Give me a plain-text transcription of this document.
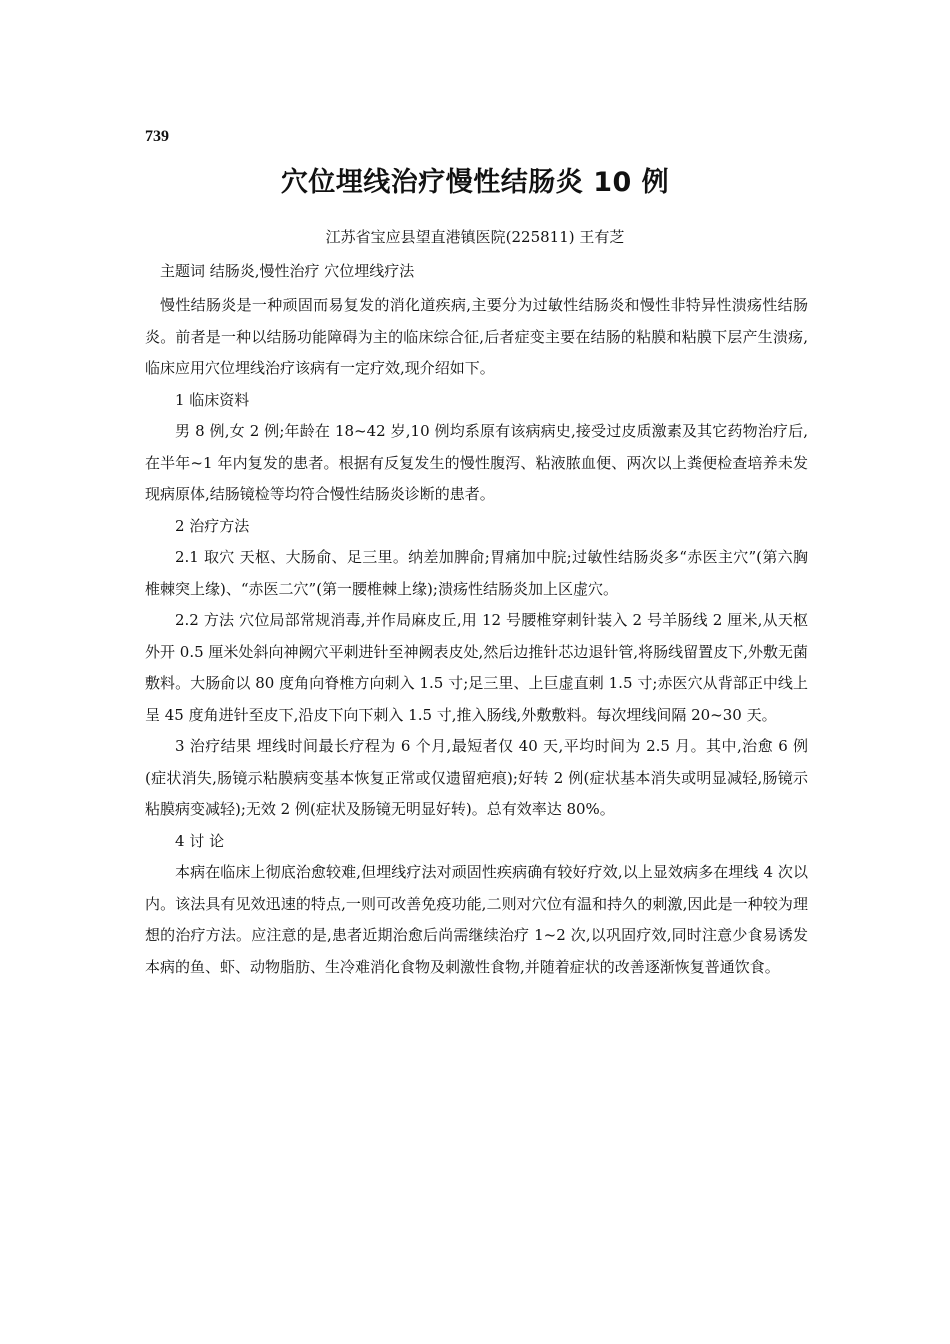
739
穴位埋线治疗慢性结肠炎 10 例
江苏省宝应县望直港镇医院(225811) 王有芝
主题词 结肠炎,慢性治疗 穴位埋线疗法

慢性结肠炎是一种顽固而易复发的消化道疾病,主要分为过敏性结肠炎和慢性非特异性溃疡性结肠炎。前者是一种以结肠功能障碍为主的临床综合征,后者症变主要在结肠的粘膜和粘膜下层产生溃疡,临床应用穴位埋线治疗该病有一定疗效,现介绍如下。

1 临床资料

男 8 例,女 2 例;年龄在 18~42 岁,10 例均系原有该病病史,接受过皮质激素及其它药物治疗后,在半年~1 年内复发的患者。根据有反复发生的慢性腹泻、粘液脓血便、两次以上粪便检查培养未发现病原体,结肠镜检等均符合慢性结肠炎诊断的患者。

2 治疗方法

2.1 取穴 天枢、大肠俞、足三里。纳差加脾俞;胃痛加中脘;过敏性结肠炎多“赤医主穴”(第六胸椎棘突上缘)、“赤医二穴”(第一腰椎棘上缘);溃疡性结肠炎加上区虚穴。

2.2 方法 穴位局部常规消毒,并作局麻皮丘,用 12 号腰椎穿刺针装入 2 号羊肠线 2 厘米,从天枢外开 0.5 厘米处斜向神阙穴平刺进针至神阙表皮处,然后边推针芯边退针管,将肠线留置皮下,外敷无菌敷料。大肠俞以 80 度角向脊椎方向刺入 1.5 寸;足三里、上巨虚直刺 1.5 寸;赤医穴从背部正中线上呈 45 度角进针至皮下,沿皮下向下刺入 1.5 寸,推入肠线,外敷敷料。每次埋线间隔 20~30 天。

3 治疗结果 埋线时间最长疗程为 6 个月,最短者仅 40 天,平均时间为 2.5 月。其中,治愈 6 例(症状消失,肠镜示粘膜病变基本恢复正常或仅遗留疤痕);好转 2 例(症状基本消失或明显减轻,肠镜示粘膜病变减轻);无效 2 例(症状及肠镜无明显好转)。总有效率达 80%。

4 讨 论

本病在临床上彻底治愈较难,但埋线疗法对顽固性疾病确有较好疗效,以上显效病多在埋线 4 次以内。该法具有见效迅速的特点,一则可改善免疫功能,二则对穴位有温和持久的刺激,因此是一种较为理想的治疗方法。应注意的是,患者近期治愈后尚需继续治疗 1~2 次,以巩固疗效,同时注意少食易诱发本病的鱼、虾、动物脂肪、生冷难消化食物及刺激性食物,并随着症状的改善逐渐恢复普通饮食。
